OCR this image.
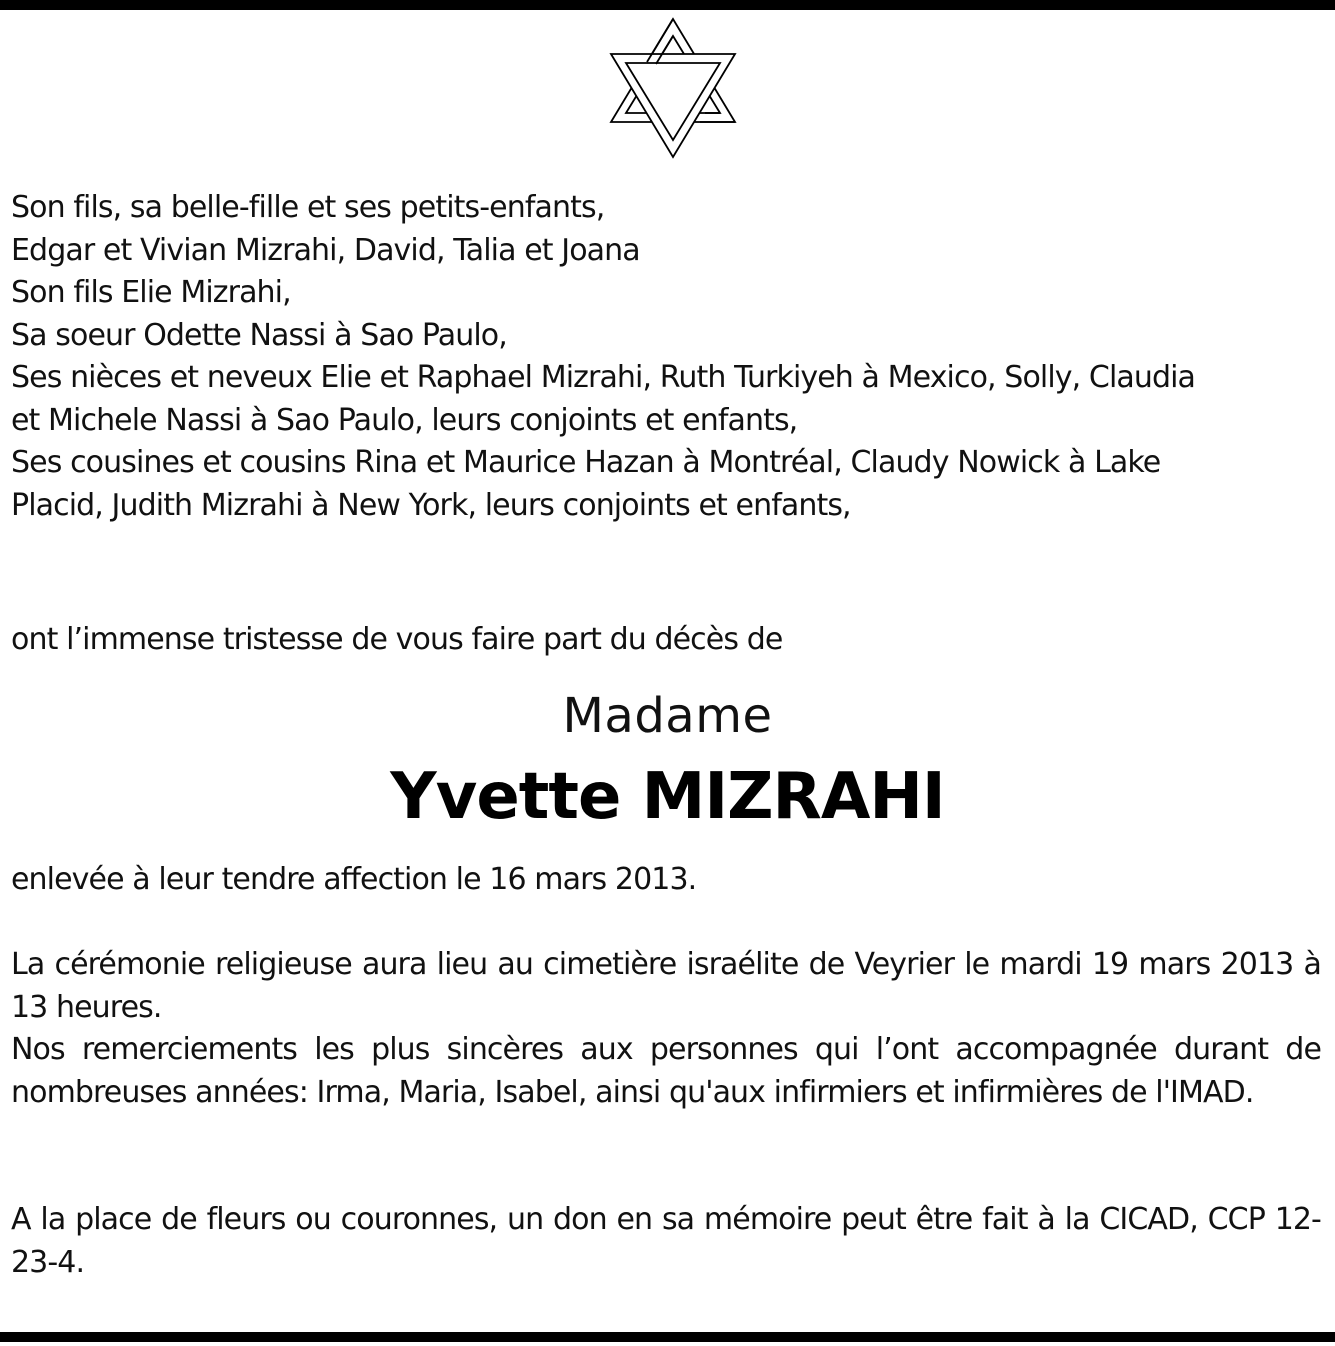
Son fils, sa belle-fille et ses petits-enfants,

Edgar et Vivian Mizrahi, David, Talia et Joana

Son fils Elie Mizrahi,

Sa soeur Odette Nassi à Sao Paulo,

Ses nièces et neveux Elie et Raphael Mizrahi, Ruth Turkiyeh à Mexico, Solly, Claudia

et Michele Nassi à Sao Paulo, leurs conjoints et enfants,

Ses cousines et cousins Rina et Maurice Hazan à Montréal, Claudy Nowick à Lake

Placid, Judith Mizrahi à New York, leurs conjoints et enfants,

ont l’immense tristesse de vous faire part du décès de

Madame
Yvette MIZRAHI

enlevée à leur tendre affection le 16 mars 2013.

La cérémonie religieuse aura lieu au cimetière israélite de Veyrier le mardi 19 mars 2013 à 13 heures.

Nos remerciements les plus sincères aux personnes qui l’ont accompagnée durant de nombreuses années: Irma, Maria, Isabel, ainsi qu'aux infirmiers et infirmières de l'IMAD.

A la place de fleurs ou couronnes, un don en sa mémoire peut être fait à la CICAD, CCP 12-23-4.
